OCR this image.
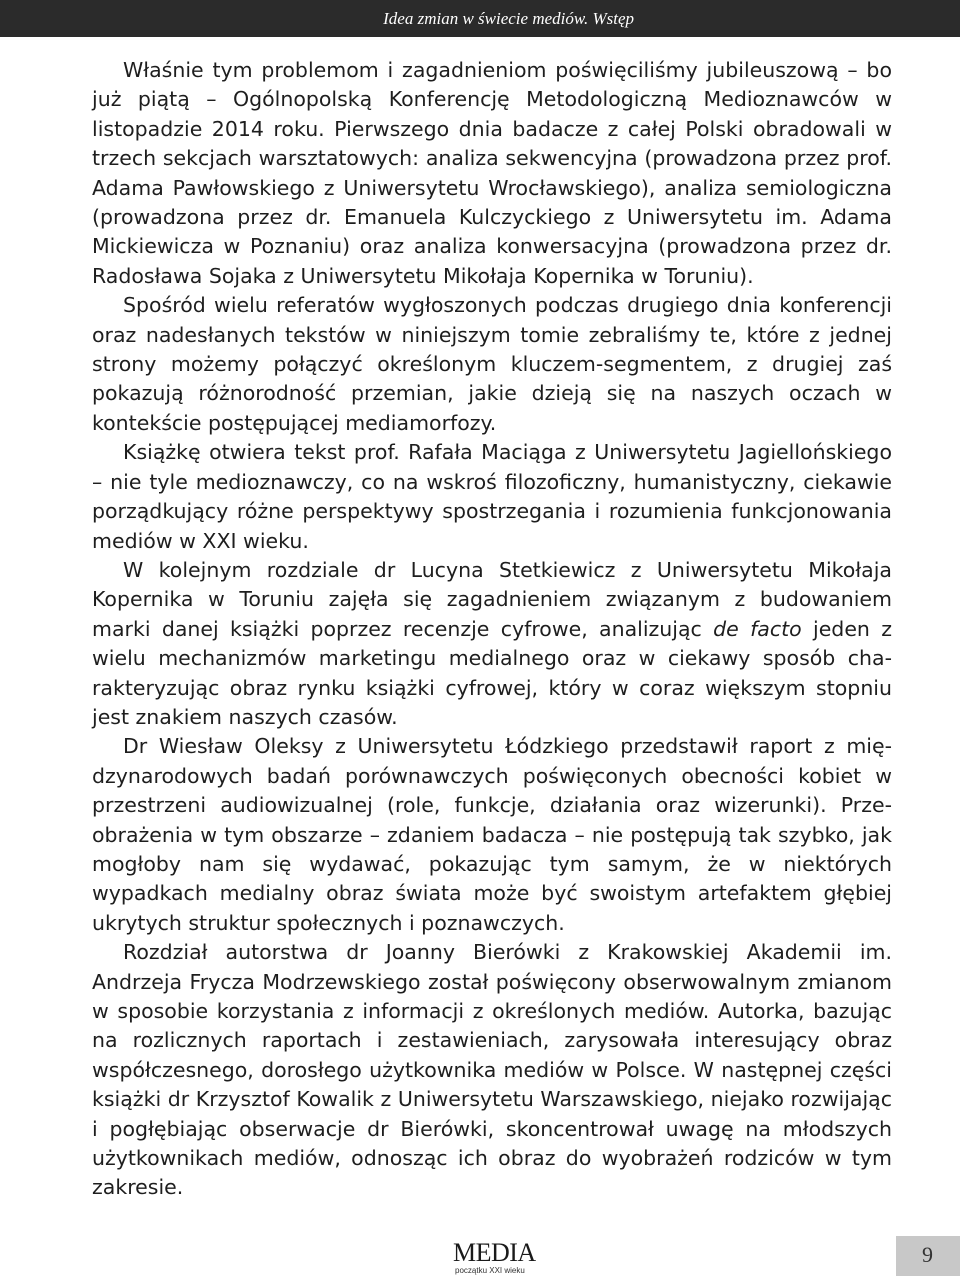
Idea zmian w świecie mediów. Wstęp

Właśnie tym problemom i zagadnieniom poświęciliśmy jubileuszową – bo już piątą – Ogólnopolską Konferencję Metodologiczną Medioznawców w listopadzie 2014 roku. Pierwszego dnia badacze z całej Polski obradowali w trzech sekcjach warsztatowych: analiza sekwencyjna (prowadzona przez prof. Adama Pawłowskiego z Uniwersytetu Wrocławskiego), analiza semiologiczna (prowadzona przez dr. Emanuela Kulczyckiego z Uniwersytetu im. Adama Mickiewicza w Poznaniu) oraz analiza konwersacyjna (prowadzona przez dr. Radosława Sojaka z Uniwersytetu Mikołaja Kopernika w Toruniu).

Spośród wielu referatów wygłoszonych podczas drugiego dnia konferencji oraz nadesłanych tekstów w niniejszym tomie zebraliśmy te, które z jednej strony możemy połączyć określonym kluczem-segmentem, z drugiej zaś pokazują różnorodność przemian, jakie dzieją się na naszych oczach w kontekście postępującej mediamorfozy.

Książkę otwiera tekst prof. Rafała Maciąga z Uniwersytetu Jagiellońskiego – nie tyle medioznawczy, co na wskroś filozoficzny, humanistyczny, ciekawie porządkujący różne perspektywy spostrzegania i rozumienia funkcjonowania mediów w XXI wieku.

W kolejnym rozdziale dr Lucyna Stetkiewicz z Uniwersytetu Mikołaja Kopernika w Toruniu zajęła się zagadnieniem związanym z budowaniem marki danej książki poprzez recenzje cyfrowe, analizując de facto jeden z wielu mechanizmów marketingu medialnego oraz w ciekawy sposób charakteryzując obraz rynku książki cyfrowej, który w coraz większym stopniu jest znakiem naszych czasów.

Dr Wiesław Oleksy z Uniwersytetu Łódzkiego przedstawił raport z międzynarodowych badań porównawczych poświęconych obecności kobiet w przestrzeni audiowizualnej (role, funkcje, działania oraz wizerunki). Przeobrażenia w tym obszarze – zdaniem badacza – nie postępują tak szybko, jak mogłoby nam się wydawać, pokazując tym samym, że w niektórych wypadkach medialny obraz świata może być swoistym artefaktem głębiej ukrytych struktur społecznych i poznawczych.

Rozdział autorstwa dr Joanny Bierówki z Krakowskiej Akademii im. Andrzeja Frycza Modrzewskiego został poświęcony obserwowalnym zmianom w sposobie korzystania z informacji z określonych mediów. Autorka, bazując na rozlicznych raportach i zestawieniach, zarysowała interesujący obraz współczesnego, dorosłego użytkownika mediów w Polsce. W następnej części książki dr Krzysztof Kowalik z Uniwersytetu Warszawskiego, niejako rozwijając i pogłębiając obserwacje dr Bierówki, skoncentrował uwagę na młodszych użytkownikach mediów, odnosząc ich obraz do wyobrażeń rodziców w tym zakresie.

MEDIA
początku XXI wieku
9
